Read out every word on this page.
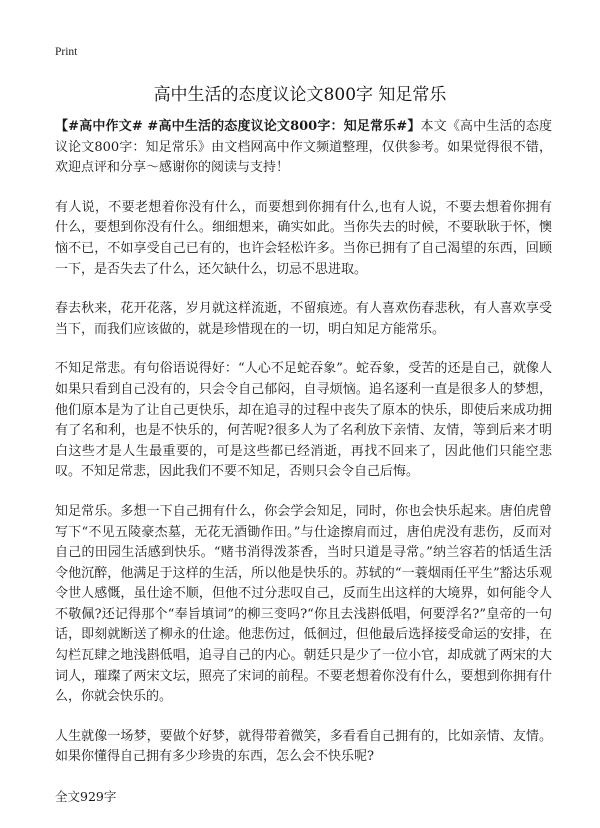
Print
高中生活的态度议论文800字 知足常乐

【#高中作文# #高中生活的态度议论文800字：知足常乐#】本文《高中生活的态度议论文800字：知足常乐》由文档网高中作文频道整理，仅供参考。如果觉得很不错，欢迎点评和分享～感谢你的阅读与支持！

有人说，不要老想着你没有什么，而要想到你拥有什么,也有人说，不要去想着你拥有什么，要想到你没有什么。细细想来，确实如此。当你失去的时候，不要耿耿于怀，懊恼不已，不如享受自己已有的，也许会轻松许多。当你已拥有了自己渴望的东西，回顾一下，是否失去了什么，还欠缺什么，切忌不思进取。

春去秋来，花开花落，岁月就这样流逝，不留痕迹。有人喜欢伤春悲秋，有人喜欢享受当下，而我们应该做的，就是珍惜现在的一切，明白知足方能常乐。

不知足常悲。有句俗语说得好：“人心不足蛇吞象”。蛇吞象，受苦的还是自己，就像人如果只看到自己没有的，只会令自己郁闷，自寻烦恼。追名逐利一直是很多人的梦想，他们原本是为了让自己更快乐，却在追寻的过程中丧失了原本的快乐，即使后来成功拥有了名和利，也是不快乐的，何苦呢?很多人为了名利放下亲情、友情，等到后来才明白这些才是人生最重要的，可是这些都已经消逝，再找不回来了，因此他们只能空悲叹。不知足常悲，因此我们不要不知足，否则只会令自己后悔。

知足常乐。多想一下自己拥有什么，你会学会知足，同时，你也会快乐起来。唐伯虎曾写下“不见五陵豪杰墓，无花无酒锄作田。”与仕途擦肩而过，唐伯虎没有悲伤，反而对自己的田园生活感到快乐。“赌书消得泼茶香，当时只道是寻常。”纳兰容若的恬适生活令他沉醉，他满足于这样的生活，所以他是快乐的。苏轼的“一蓑烟雨任平生”豁达乐观令世人感慨，虽仕途不顺，但他不过分悲叹自己，反而生出这样的大境界，如何能令人不敬佩?还记得那个“奉旨填词”的柳三变吗?“你且去浅斟低唱，何要浮名?”皇帝的一句话，即刻就断送了柳永的仕途。他悲伤过，低徊过，但他最后选择接受命运的安排，在勾栏瓦肆之地浅斟低唱，追寻自己的内心。朝廷只是少了一位小官，却成就了两宋的大词人，璀璨了两宋文坛，照亮了宋词的前程。不要老想着你没有什么，要想到你拥有什么，你就会快乐的。

人生就像一场梦，要做个好梦，就得带着微笑，多看看自己拥有的，比如亲情、友情。如果你懂得自己拥有多少珍贵的东西，怎么会不快乐呢?

全文929字
